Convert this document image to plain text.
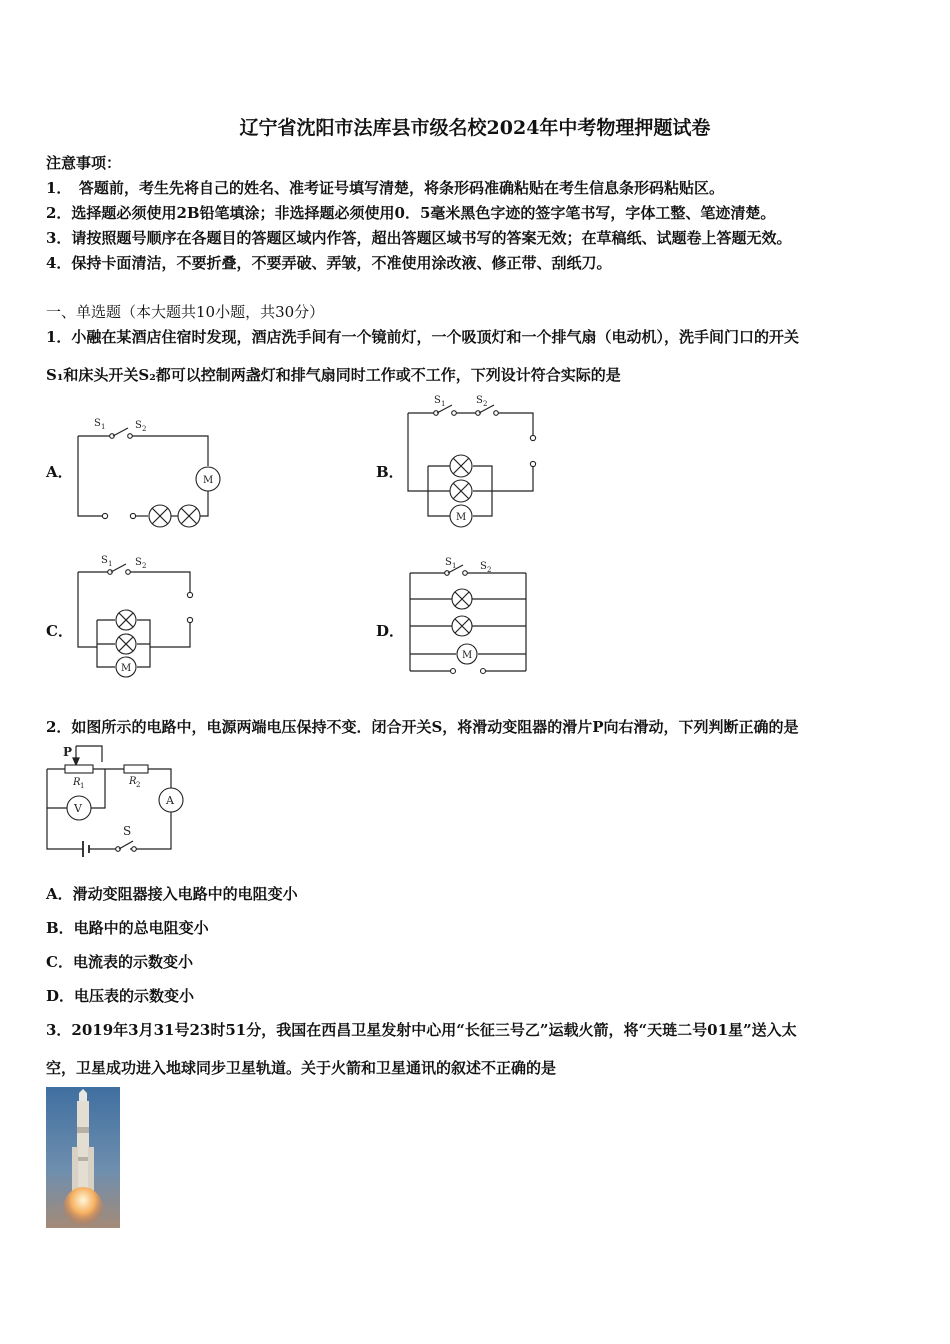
辽宁省沈阳市法库县市级名校2024年中考物理押题试卷
注意事项：
1．　答题前，考生先将自己的姓名、准考证号填写清楚，将条形码准确粘贴在考生信息条形码粘贴区。
2．选择题必须使用2B铅笔填涂；非选择题必须使用0．5毫米黑色字迹的签字笔书写，字体工整、笔迹清楚。
3．请按照题号顺序在各题目的答题区域内作答，超出答题区域书写的答案无效；在草稿纸、试题卷上答题无效。
4．保持卡面清洁，不要折叠，不要弄破、弄皱，不准使用涂改液、修正带、刮纸刀。
一、单选题（本大题共10小题，共30分）
1．小融在某酒店住宿时发现，酒店洗手间有一个镜前灯，一个吸顶灯和一个排气扇（电动机），洗手间门口的开关
S₁和床头开关S₂都可以控制两盏灯和排气扇同时工作或不工作，下列设计符合实际的是
A．	B．
C．	D．
M
S 1	S 2
M
S 1	S 2
M
S 1 S 2
M
S 1 S 2
2．如图所示的电路中，电源两端电压保持不变．闭合开关S，将滑动变阻器的滑片P向右滑动，下列判断正确的是
P
R 1	R 2
V
A
S
A．滑动变阻器接入电路中的电阻变小
B．电路中的总电阻变小
C．电流表的示数变小
D．电压表的示数变小
3．2019年3月31号23时51分，我国在西昌卫星发射中心用“长征三号乙”运载火箭，将“天琏二号01星”送入太
空，卫星成功进入地球同步卫星轨道。关于火箭和卫星通讯的叙述不正确的是
